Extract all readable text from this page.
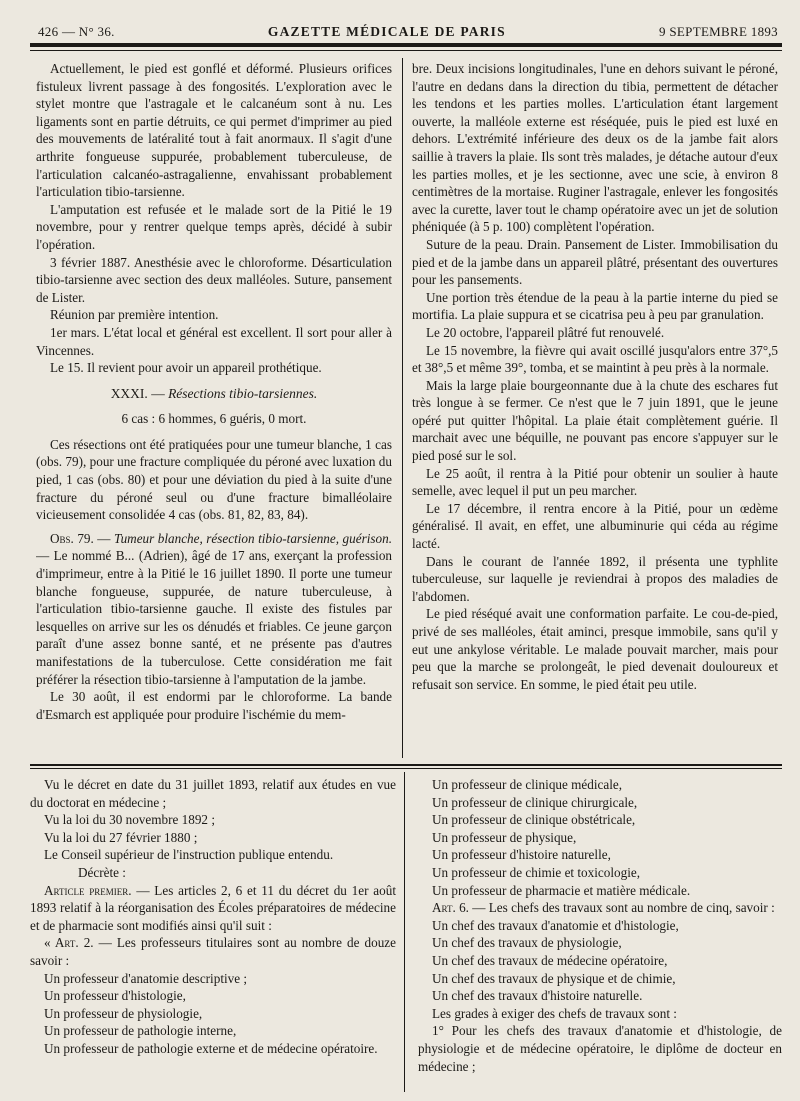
426 — N° 36.	GAZETTE MÉDICALE DE PARIS	9 SEPTEMBRE 1893

Actuellement, le pied est gonflé et déformé. Plusieurs orifices fistuleux livrent passage à des fongosités. L'exploration avec le stylet montre que l'astragale et le calcanéum sont à nu. Les ligaments sont en partie détruits, ce qui permet d'imprimer au pied des mouvements de latéralité tout à fait anormaux. Il s'agit d'une arthrite fongueuse suppurée, probablement tuberculeuse, de l'articulation calcanéo-astragalienne, envahissant probablement l'articulation tibio-tarsienne.

L'amputation est refusée et le malade sort de la Pitié le 19 novembre, pour y rentrer quelque temps après, décidé à subir l'opération.

3 février 1887. Anesthésie avec le chloroforme. Désarticulation tibio-tarsienne avec section des deux malléoles. Suture, pansement de Lister.

Réunion par première intention.

1er mars. L'état local et général est excellent. Il sort pour aller à Vincennes.

Le 15. Il revient pour avoir un appareil prothétique.

XXXI. — Résections tibio-tarsiennes.

6 cas : 6 hommes, 6 guéris, 0 mort.

Ces résections ont été pratiquées pour une tumeur blanche, 1 cas (obs. 79), pour une fracture compliquée du péroné avec luxation du pied, 1 cas (obs. 80) et pour une déviation du pied à la suite d'une fracture du péroné seul ou d'une fracture bimalléolaire vicieusement consolidée 4 cas (obs. 81, 82, 83, 84).

Obs. 79. — Tumeur blanche, résection tibio-tarsienne, guérison. — Le nommé B... (Adrien), âgé de 17 ans, exerçant la profession d'imprimeur, entre à la Pitié le 16 juillet 1890. Il porte une tumeur blanche fongueuse, suppurée, de nature tuberculeuse, à l'articulation tibio-tarsienne gauche. Il existe des fistules par lesquelles on arrive sur les os dénudés et friables. Ce jeune garçon paraît d'une assez bonne santé, et ne présente pas d'autres manifestations de la tuberculose. Cette considération me fait préférer la résection tibio-tarsienne à l'amputation de la jambe.

Le 30 août, il est endormi par le chloroforme. La bande d'Esmarch est appliquée pour produire l'ischémie du mem-

bre. Deux incisions longitudinales, l'une en dehors suivant le péroné, l'autre en dedans dans la direction du tibia, permettent de détacher les tendons et les parties molles. L'articulation étant largement ouverte, la malléole externe est réséquée, puis le pied est luxé en dehors. L'extrémité inférieure des deux os de la jambe fait alors saillie à travers la plaie. Ils sont très malades, je détache autour d'eux les parties molles, et je les sectionne, avec une scie, à environ 8 centimètres de la mortaise. Ruginer l'astragale, enlever les fongosités avec la curette, laver tout le champ opératoire avec un jet de solution phéniquée (à 5 p. 100) complètent l'opération.

Suture de la peau. Drain. Pansement de Lister. Immobilisation du pied et de la jambe dans un appareil plâtré, présentant des ouvertures pour les pansements.

Une portion très étendue de la peau à la partie interne du pied se mortifia. La plaie suppura et se cicatrisa peu à peu par granulation.

Le 20 octobre, l'appareil plâtré fut renouvelé.

Le 15 novembre, la fièvre qui avait oscillé jusqu'alors entre 37°,5 et 38°,5 et même 39°, tomba, et se maintint à peu près à la normale.

Mais la large plaie bourgeonnante due à la chute des eschares fut très longue à se fermer. Ce n'est que le 7 juin 1891, que le jeune opéré put quitter l'hôpital. La plaie était complètement guérie. Il marchait avec une béquille, ne pouvant pas encore s'appuyer sur le pied posé sur le sol.

Le 25 août, il rentra à la Pitié pour obtenir un soulier à haute semelle, avec lequel il put un peu marcher.

Le 17 décembre, il rentra encore à la Pitié, pour un œdème généralisé. Il avait, en effet, une albuminurie qui céda au régime lacté.

Dans le courant de l'année 1892, il présenta une typhlite tuberculeuse, sur laquelle je reviendrai à propos des maladies de l'abdomen.

Le pied réséqué avait une conformation parfaite. Le cou-de-pied, privé de ses malléoles, était aminci, presque immobile, sans qu'il y eut une ankylose véritable. Le malade pouvait marcher, mais pour peu que la marche se prolongeât, le pied devenait douloureux et refusait son service. En somme, le pied était peu utile.

Vu le décret en date du 31 juillet 1893, relatif aux études en vue du doctorat en médecine ;

Vu la loi du 30 novembre 1892 ;

Vu la loi du 27 février 1880 ;

Le Conseil supérieur de l'instruction publique entendu.

Décrète :

Article premier. — Les articles 2, 6 et 11 du décret du 1er août 1893 relatif à la réorganisation des Écoles préparatoires de médecine et de pharmacie sont modifiés ainsi qu'il suit :

« Art. 2. — Les professeurs titulaires sont au nombre de douze savoir :

Un professeur d'anatomie descriptive ;

Un professeur d'histologie,

Un professeur de physiologie,

Un professeur de pathologie interne,

Un professeur de pathologie externe et de médecine opératoire.

Un professeur de clinique médicale,

Un professeur de clinique chirurgicale,

Un professeur de clinique obstétricale,

Un professeur de physique,

Un professeur d'histoire naturelle,

Un professeur de chimie et toxicologie,

Un professeur de pharmacie et matière médicale.

Art. 6. — Les chefs des travaux sont au nombre de cinq, savoir :

Un chef des travaux d'anatomie et d'histologie,

Un chef des travaux de physiologie,

Un chef des travaux de médecine opératoire,

Un chef des travaux de physique et de chimie,

Un chef des travaux d'histoire naturelle.

Les grades à exiger des chefs de travaux sont :

1° Pour les chefs des travaux d'anatomie et d'histologie, de physiologie et de médecine opératoire, le diplôme de docteur en médecine ;
